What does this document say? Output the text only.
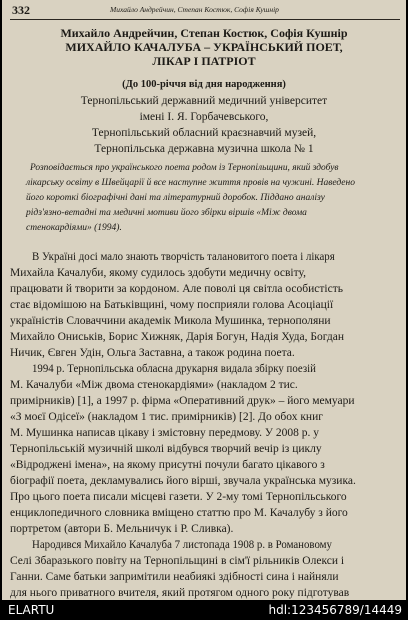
332	Михайло Андрейчин, Степан Костюк, Софія Кушнір
Михайло Андрейчин, Степан Костюк, Софія Кушнір
МИХАЙЛО КАЧАЛУБА – УКРАЇНСЬКИЙ ПОЕТ,
ЛІКАР І ПАТРІОТ
(До 100-річчя від дня народження)
Тернопільський державний медичний університет
імені І. Я. Горбачевського,
Тернопільський обласний краєзнавчий музей,
Тернопільська державна музична школа № 1
Розповідається про українського поета родом із Тернопільщини, який здобув
лікарську освіту в Швейцарії й все наступне життя провів на чужині. Наведено
його короткі біографічні дані та літературний доробок. Піддано аналізу
рідз'язно-ветадні та медичні мотиви його збірки віршів «Між двома
стенокардіями» (1994).
В Україні досі мало знають творчість талановитого поета і лікаря
Михайла Качалуби, якому судилось здобути медичну освіту,
працювати й творити за кордоном. Але поволі ця світла особистість
стає відомішою на Батьківщині, чому посприяли голова Асоціації
україністів Словаччини академік Микола Мушинка, тернополяни
Михайло Ониськів, Борис Хижняк, Дарія Богун, Надія Худа, Богдан
Ничик, Євген Удін, Ольга Заставна, а також родина поета.
1994 р. Тернопільська обласна друкарня видала збірку поезій
М. Качалуби «Між двома стенокардіями» (накладом 2 тис.
примірників) [1], а 1997 р. фірма «Оперативний друк» – його мемуари
«З моєї Одісеї» (накладом 1 тис. примірників) [2]. До обох книг
М. Мушинка написав цікаву і змістовну передмову. У 2008 р. у
Тернопільській музичній школі відбувся творчий вечір із циклу
«Відроджені імена», на якому присутні почули багато цікавого з
біографії поета, декламувались його вірші, звучала українська музика.
Про цього поета писали місцеві газети. У 2-му томі Тернопільського
енциклопедичного словника вміщено статтю про М. Качалубу з його
портретом (автори Б. Мельничук і Р. Сливка).
Народився Михайло Качалуба 7 листопада 1908 р. в Романовому
Селі Збаразького повіту на Тернопільщині в сім'ї рільників Олекси і
Ганни. Саме батьки запримітили неабиякі здібності сина і найняли
для нього приватного вчителя, який протягом одного року підготував
ELARTU	hdl:123456789/14449
